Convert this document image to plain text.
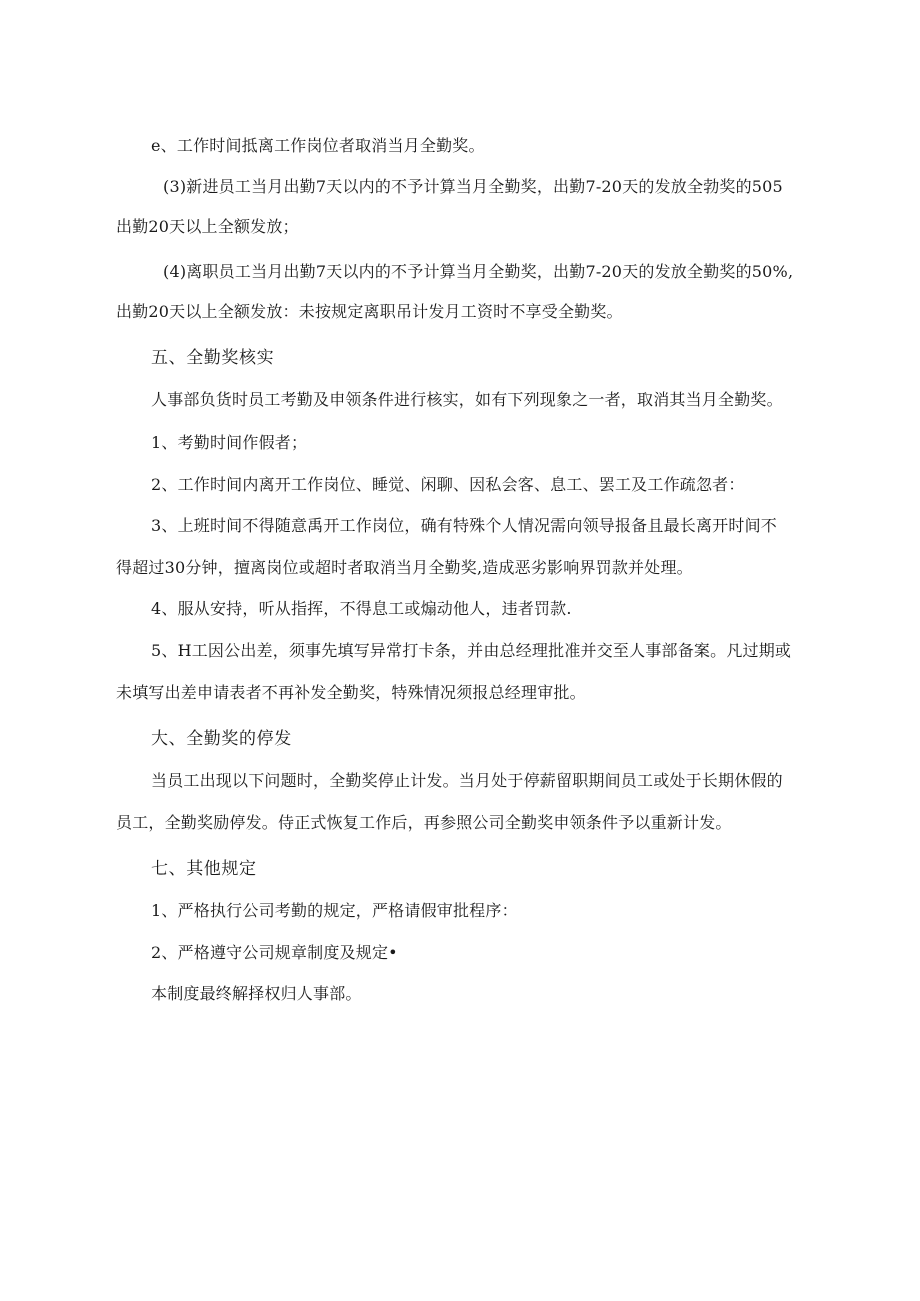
e、工作时间抵离工作岗位者取消当月全勤奖。
(3)新进员工当月出勤7天以内的不予计算当月全勤奖，出勤7-20天的发放全勃奖的505
出勤20天以上全额发放；
(4)离职员工当月出勤7天以内的不予计算当月全勤奖，出勤7-20天的发放全勤奖的50%,
出勤20天以上全额发放：未按规定离职吊计发月工资时不享受全勤奖。
五、全勤奖核实
人事部负货时员工考勤及申领条件进行核实，如有下列现象之一者，取消其当月全勤奖。
1、考勤时间作假者；
2、工作时间内离开工作岗位、睡觉、闲聊、因私会客、息工、罢工及工作疏忽者：
3、上班时间不得随意禹开工作岗位，确有特殊个人情况需向领导报备且最长离开时间不
得超过30分钟，擅离岗位或超时者取消当月全勤奖,造成恶劣影响界罚款并处理。
4、服从安持，听从指挥，不得息工或煽动他人，违者罚款.
5、H工因公出差，须事先填写异常打卡条，并由总经理批准并交至人事部备案。凡过期或
未填写出差申请表者不再补发全勤奖，特殊情况须报总经理审批。
大、全勤奖的停发
当员工出现以下问题时，全勤奖停止计发。当月处于停薪留职期间员工或处于长期休假的
员工，全勤奖励停发。侍正式恢复工作后，再参照公司全勤奖申领条件予以重新计发。
七、其他规定
1、严格执行公司考勤的规定，严格请假审批程序：
2、严格遵守公司规章制度及规定•
本制度最终解择权归人事部。
